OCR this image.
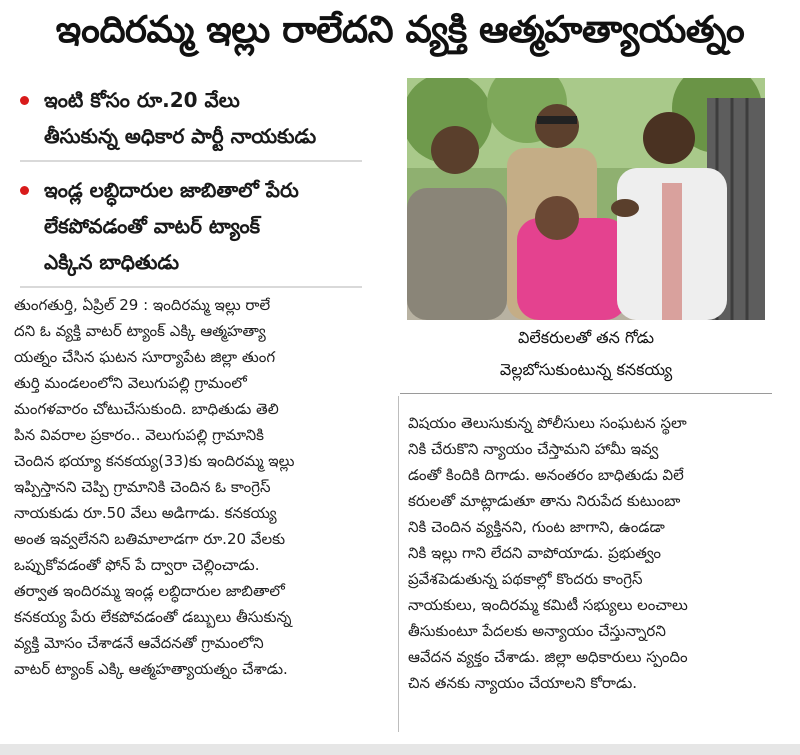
ఇందిరమ్మ ఇల్లు రాలేదని వ్యక్తి ఆత్మహత్యాయత్నం
ఇంటి కోసం రూ.20 వేలు
తీసుకున్న అధికార పార్టీ నాయకుడు
ఇండ్ల లబ్ధిదారుల జాబితాలో పేరు
లేకపోవడంతో వాటర్ ట్యాంక్
ఎక్కిన బాధితుడు
విలేకరులతో తన గోడు
వెల్లబోసుకుంటున్న కనకయ్య
తుంగతుర్తి, ఏప్రిల్ 29 : ఇందిరమ్మ ఇల్లు రాలే
దని ఓ వ్యక్తి వాటర్ ట్యాంక్ ఎక్కి ఆత్మహత్యా
యత్నం చేసిన ఘటన సూర్యాపేట జిల్లా తుంగ
తుర్తి మండలంలోని వెలుగుపల్లి గ్రామంలో
మంగళవారం చోటుచేసుకుంది. బాధితుడు తెలి
పిన వివరాల ప్రకారం.. వెలుగుపల్లి గ్రామానికి
చెందిన భయ్యా కనకయ్య(33)కు ఇందిరమ్మ ఇల్లు
ఇప్పిస్తానని చెప్పి గ్రామానికి చెందిన ఓ కాంగ్రెస్
నాయకుడు రూ.50 వేలు అడిగాడు. కనకయ్య
అంత ఇవ్వలేనని బతిమాలాడగా రూ.20 వేలకు
ఒప్పుకోవడంతో ఫోన్ పే ద్వారా చెల్లించాడు.
తర్వాత ఇందిరమ్మ ఇండ్ల లబ్ధిదారుల జాబితాలో
కనకయ్య పేరు లేకపోవడంతో డబ్బులు తీసుకున్న
వ్యక్తి మోసం చేశాడనే ఆవేదనతో గ్రామంలోని
వాటర్ ట్యాంక్ ఎక్కి ఆత్మహత్యాయత్నం చేశాడు.
విషయం తెలుసుకున్న పోలీసులు సంఘటన స్థలా
నికి చేరుకొని న్యాయం చేస్తామని హామీ ఇవ్వ
డంతో కిందికి దిగాడు. అనంతరం బాధితుడు విలే
కరులతో మాట్లాడుతూ తాను నిరుపేద కుటుంబా
నికి చెందిన వ్యక్తినని, గుంట జాగాని, ఉండడా
నికి ఇల్లు గాని లేదని వాపోయాడు. ప్రభుత్వం
ప్రవేశపెడుతున్న పథకాల్లో కొందరు కాంగ్రెస్
నాయకులు, ఇందిరమ్మ కమిటీ సభ్యులు లంచాలు
తీసుకుంటూ పేదలకు అన్యాయం చేస్తున్నారని
ఆవేదన వ్యక్తం చేశాడు. జిల్లా అధికారులు స్పందిం
చిన తనకు న్యాయం చేయాలని కోరాడు.
